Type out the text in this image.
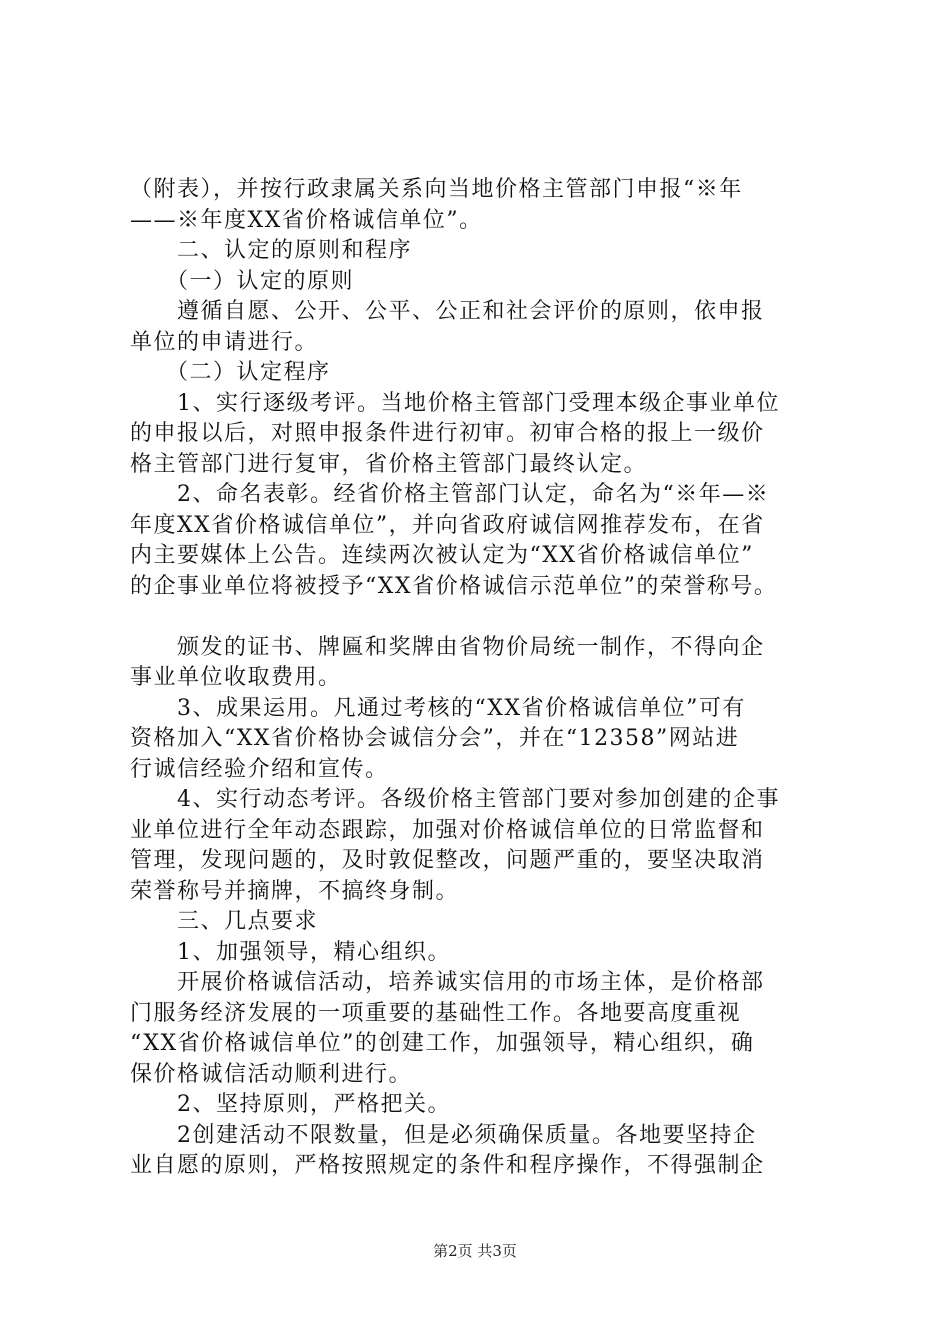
（附表），并按行政隶属关系向当地价格主管部门申报“※年
——※年度XX省价格诚信单位”。
　　二、认定的原则和程序
　　（一）认定的原则
　　遵循自愿、公开、公平、公正和社会评价的原则，依申报
单位的申请进行。
　　（二）认定程序
　　1、实行逐级考评。当地价格主管部门受理本级企事业单位
的申报以后，对照申报条件进行初审。初审合格的报上一级价
格主管部门进行复审，省价格主管部门最终认定。
　　2、命名表彰。经省价格主管部门认定，命名为“※年—※
年度XX省价格诚信单位”，并向省政府诚信网推荐发布，在省
内主要媒体上公告。连续两次被认定为“XX省价格诚信单位”
的企事业单位将被授予“XX省价格诚信示范单位”的荣誉称号。
　　颁发的证书、牌匾和奖牌由省物价局统一制作，不得向企
事业单位收取费用。
　　3、成果运用。凡通过考核的“XX省价格诚信单位”可有
资格加入“XX省价格协会诚信分会”，并在“12358”网站进
行诚信经验介绍和宣传。
　　4、实行动态考评。各级价格主管部门要对参加创建的企事
业单位进行全年动态跟踪，加强对价格诚信单位的日常监督和
管理，发现问题的，及时敦促整改，问题严重的，要坚决取消
荣誉称号并摘牌，不搞终身制。
　　三、几点要求
　　1、加强领导，精心组织。
　　开展价格诚信活动，培养诚实信用的市场主体，是价格部
门服务经济发展的一项重要的基础性工作。各地要高度重视
“XX省价格诚信单位”的创建工作，加强领导，精心组织，确
保价格诚信活动顺利进行。
　　2、坚持原则，严格把关。
　　2创建活动不限数量，但是必须确保质量。各地要坚持企
业自愿的原则，严格按照规定的条件和程序操作，不得强制企
第2页 共3页
